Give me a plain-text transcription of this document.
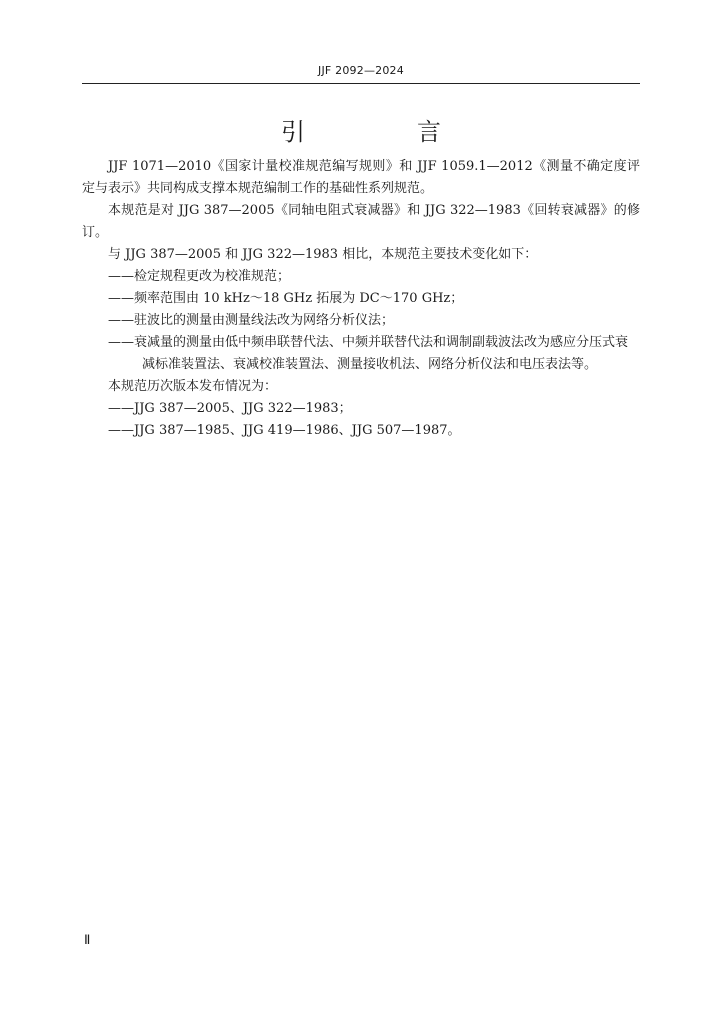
JJF 2092—2024
引　言

JJF 1071—2010《国家计量校准规范编写规则》和 JJF 1059.1—2012《测量不确定度评定与表示》共同构成支撑本规范编制工作的基础性系列规范。

本规范是对 JJG 387—2005《同轴电阻式衰减器》和 JJG 322—1983《回转衰减器》的修订。

与 JJG 387—2005 和 JJG 322—1983 相比，本规范主要技术变化如下：

——检定规程更改为校准规范；

——频率范围由 10 kHz～18 GHz 拓展为 DC～170 GHz；

——驻波比的测量由测量线法改为网络分析仪法；

——衰减量的测量由低中频串联替代法、中频并联替代法和调制副载波法改为感应分压式衰减标准装置法、衰减校准装置法、测量接收机法、网络分析仪法和电压表法等。

本规范历次版本发布情况为：

——JJG 387—2005、JJG 322—1983；

——JJG 387—1985、JJG 419—1986、JJG 507—1987。

Ⅱ
